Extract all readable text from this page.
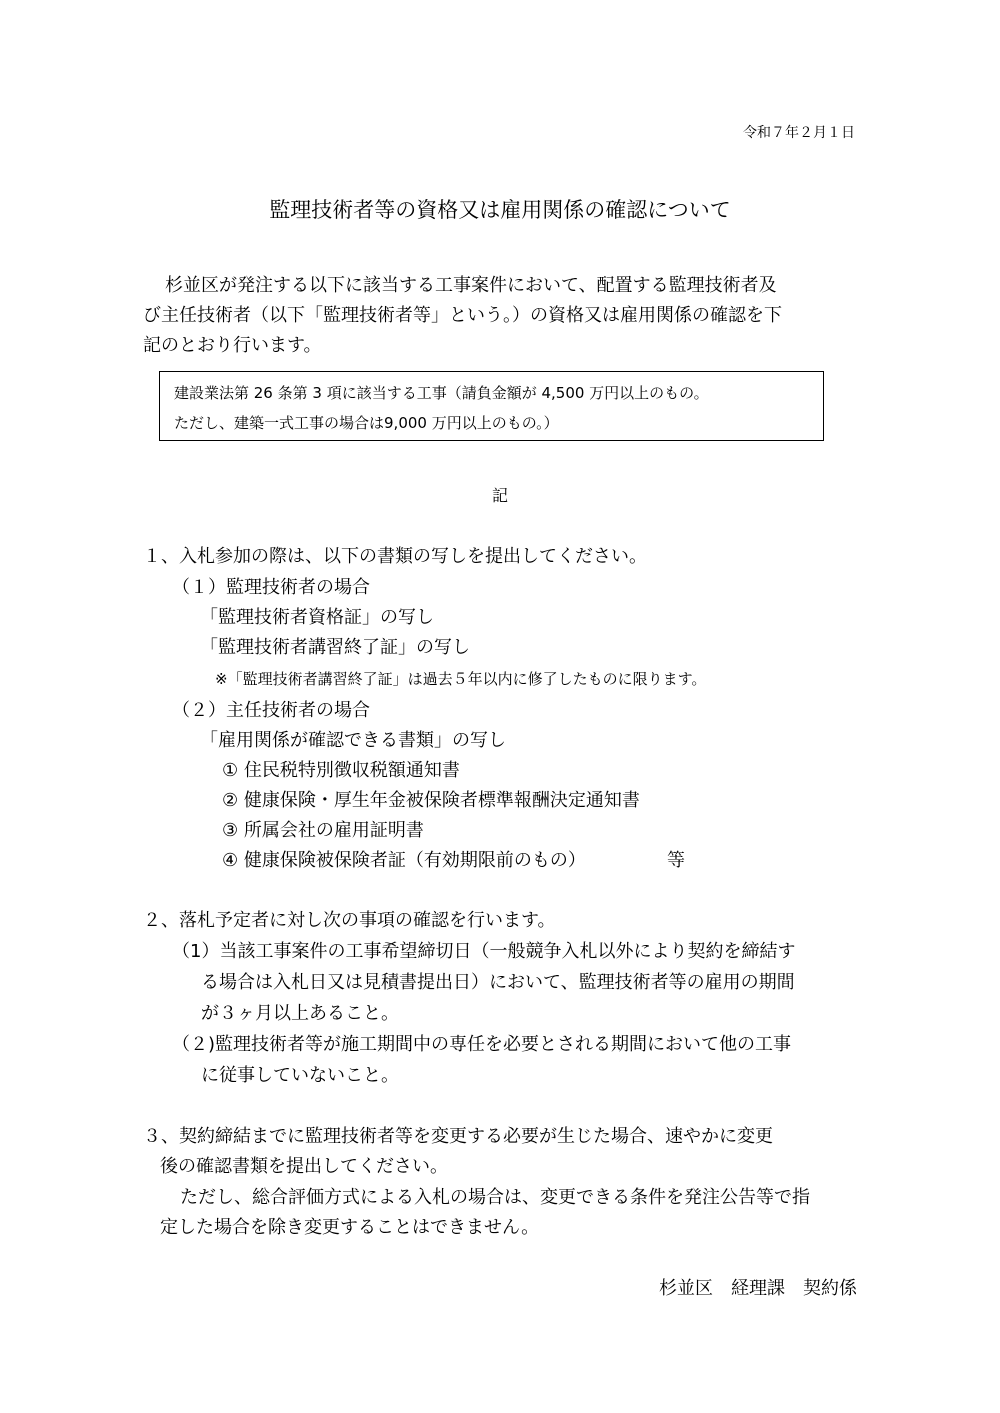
令和７年２月１日

監理技術者等の資格又は雇用関係の確認について

杉並区が発注する以下に該当する工事案件において、配置する監理技術者及

び主任技術者（以下「監理技術者等」という。）の資格又は雇用関係の確認を下

記のとおり行います。

建設業法第 26 条第 3 項に該当する工事（請負金額が 4,500 万円以上のもの。

ただし、建築一式工事の場合は9,000 万円以上のもの。）

記

１、入札参加の際は、以下の書類の写しを提出してください。

（１）監理技術者の場合

「監理技術者資格証」の写し

「監理技術者講習終了証」の写し

※「監理技術者講習終了証」は過去５年以内に修了したものに限ります。

（２）主任技術者の場合

「雇用関係が確認できる書類」の写し

① 住民税特別徴収税額通知書

② 健康保険・厚生年金被保険者標準報酬決定通知書

③ 所属会社の雇用証明書

④ 健康保険被保険者証（有効期限前のもの）	等

２、落札予定者に対し次の事項の確認を行います。

（1）当該工事案件の工事希望締切日（一般競争入札以外により契約を締結す

る場合は入札日又は見積書提出日）において、監理技術者等の雇用の期間

が３ヶ月以上あること。

（２)監理技術者等が施工期間中の専任を必要とされる期間において他の工事

に従事していないこと。

３、契約締結までに監理技術者等を変更する必要が生じた場合、速やかに変更

後の確認書類を提出してください。

ただし、総合評価方式による入札の場合は、変更できる条件を発注公告等で指

定した場合を除き変更することはできません。

杉並区　経理課　契約係
